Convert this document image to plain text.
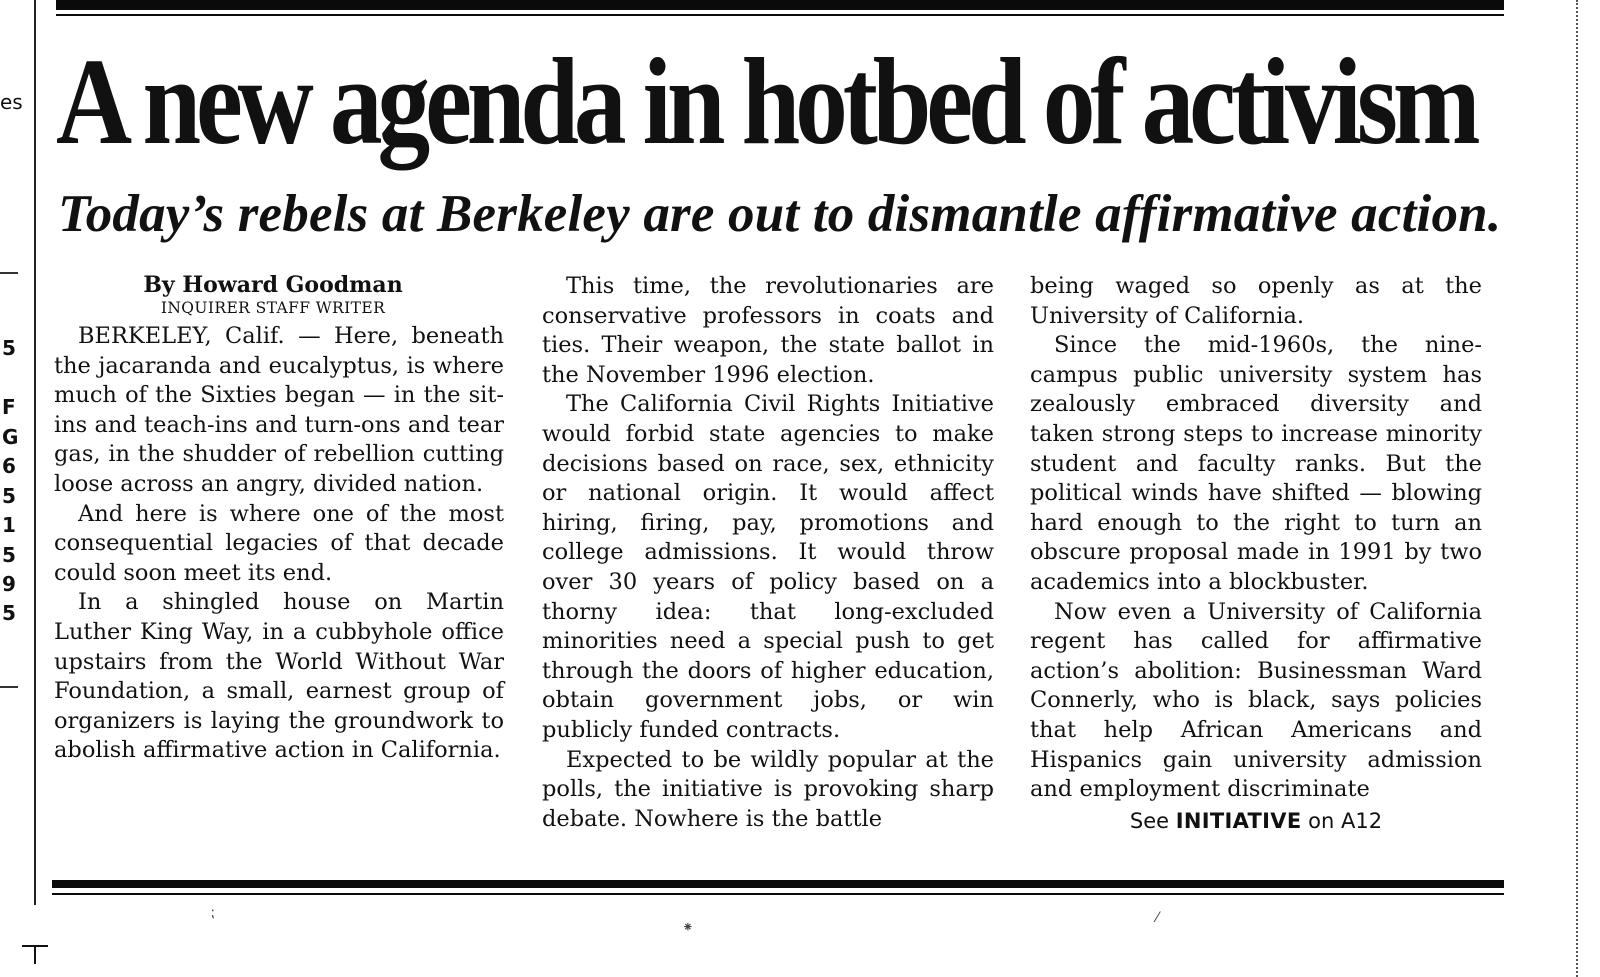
es
5
F
G
6
5
1
5
9
5
A new agenda in hotbed of activism
Today’s rebels at Berkeley are out to dismantle affirmative action.
By Howard Goodman
INQUIRER STAFF WRITER

BERKELEY, Calif. — Here, beneath the jacaranda and eucalyptus, is where much of the Sixties began — in the sit-ins and teach-ins and turn-ons and tear gas, in the shudder of rebellion cutting loose across an angry, divided nation.

And here is where one of the most consequential legacies of that decade could soon meet its end.

In a shingled house on Martin Luther King Way, in a cubbyhole office upstairs from the World Without War Foundation, a small, earnest group of organizers is laying the groundwork to abolish affirmative action in California.

This time, the revolutionaries are conservative professors in coats and ties. Their weapon, the state ballot in the November 1996 election.

The California Civil Rights Initiative would forbid state agencies to make decisions based on race, sex, ethnicity or national origin. It would affect hiring, firing, pay, promotions and college admissions. It would throw over 30 years of policy based on a thorny idea: that long-excluded minorities need a special push to get through the doors of higher education, obtain government jobs, or win publicly funded contracts.

Expected to be wildly popular at the polls, the initiative is provoking sharp debate. Nowhere is the battle

being waged so openly as at the University of California.

Since the mid-1960s, the nine-campus public university system has zealously embraced diversity and taken strong steps to increase minority student and faculty ranks. But the political winds have shifted — blowing hard enough to the right to turn an obscure proposal made in 1991 by two academics into a blockbuster.

Now even a University of California regent has called for affirmative action’s abolition: Businessman Ward Connerly, who is black, says policies that help African Americans and Hispanics gain university admission and employment discriminate

See INITIATIVE on A12
⁏
⁕
⁄
